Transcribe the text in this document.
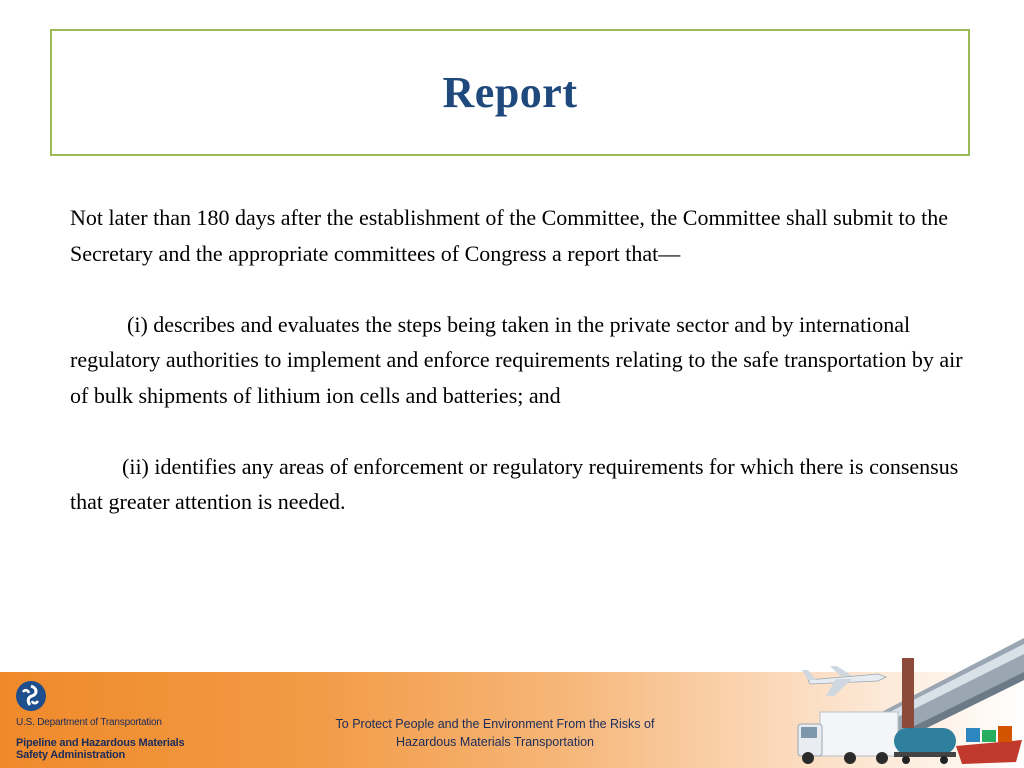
Report

Not later than 180 days after the establishment of the Committee, the Committee shall submit to the Secretary and the appropriate committees of Congress a report that—

(i) describes and evaluates the steps being taken in the private sector and by international regulatory authorities to implement and enforce requirements relating to the safe transportation by air of bulk shipments of lithium ion cells and batteries; and

(ii) identifies any areas of enforcement or regulatory requirements for which there is consensus that greater attention is needed.

U.S. Department of Transportation
Pipeline and Hazardous Materials
Safety Administration
To Protect People and the Environment From the Risks of
Hazardous Materials Transportation
